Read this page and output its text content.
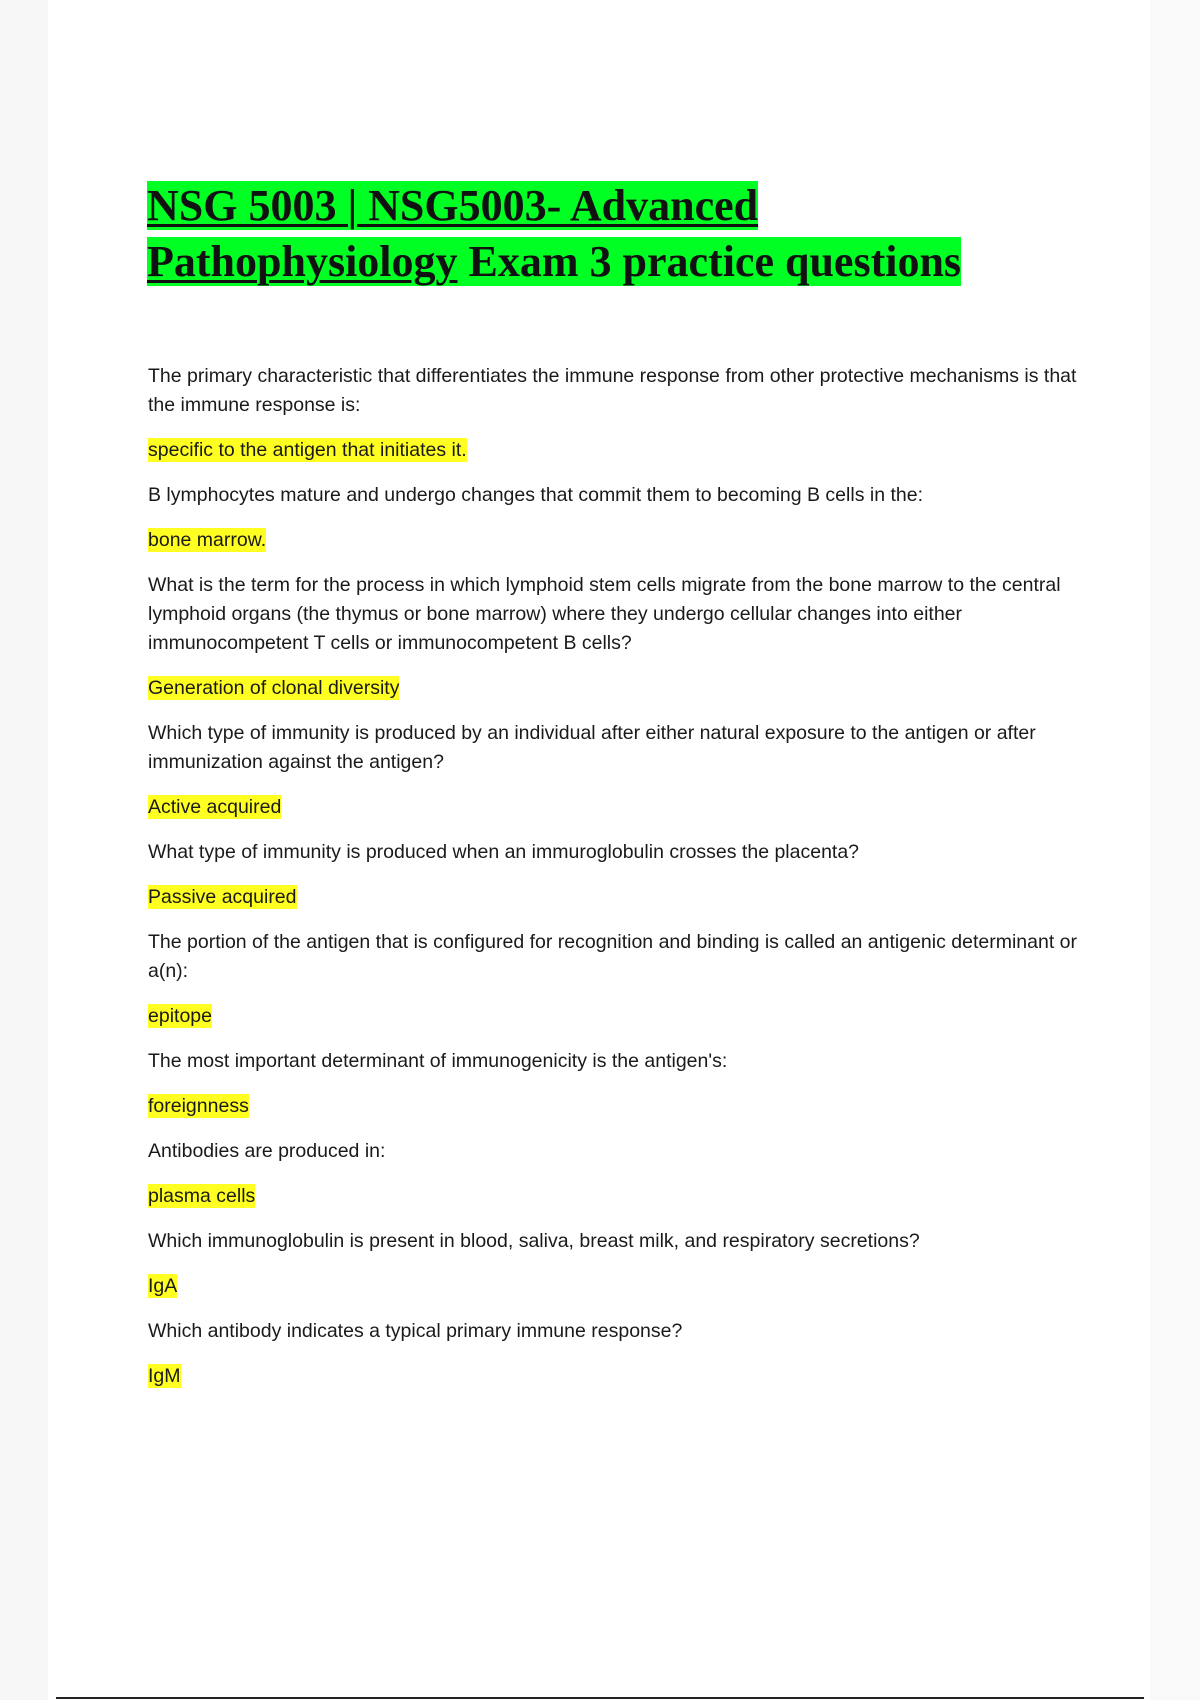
NSG 5003 | NSG5003- Advanced
Pathophysiology Exam 3 practice questions

The primary characteristic that differentiates the immune response from other protective mechanisms is that the immune response is:

specific to the antigen that initiates it.

B lymphocytes mature and undergo changes that commit them to becoming B cells in the:

bone marrow.

What is the term for the process in which lymphoid stem cells migrate from the bone marrow to the central lymphoid organs (the thymus or bone marrow) where they undergo cellular changes into either immunocompetent T cells or immunocompetent B cells?

Generation of clonal diversity

Which type of immunity is produced by an individual after either natural exposure to the antigen or after immunization against the antigen?

Active acquired

What type of immunity is produced when an immuroglobulin crosses the placenta?

Passive acquired

The portion of the antigen that is configured for recognition and binding is called an antigenic determinant or a(n):

epitope

The most important determinant of immunogenicity is the antigen's:

foreignness

Antibodies are produced in:

plasma cells

Which immunoglobulin is present in blood, saliva, breast milk, and respiratory secretions?

IgA

Which antibody indicates a typical primary immune response?

IgM
